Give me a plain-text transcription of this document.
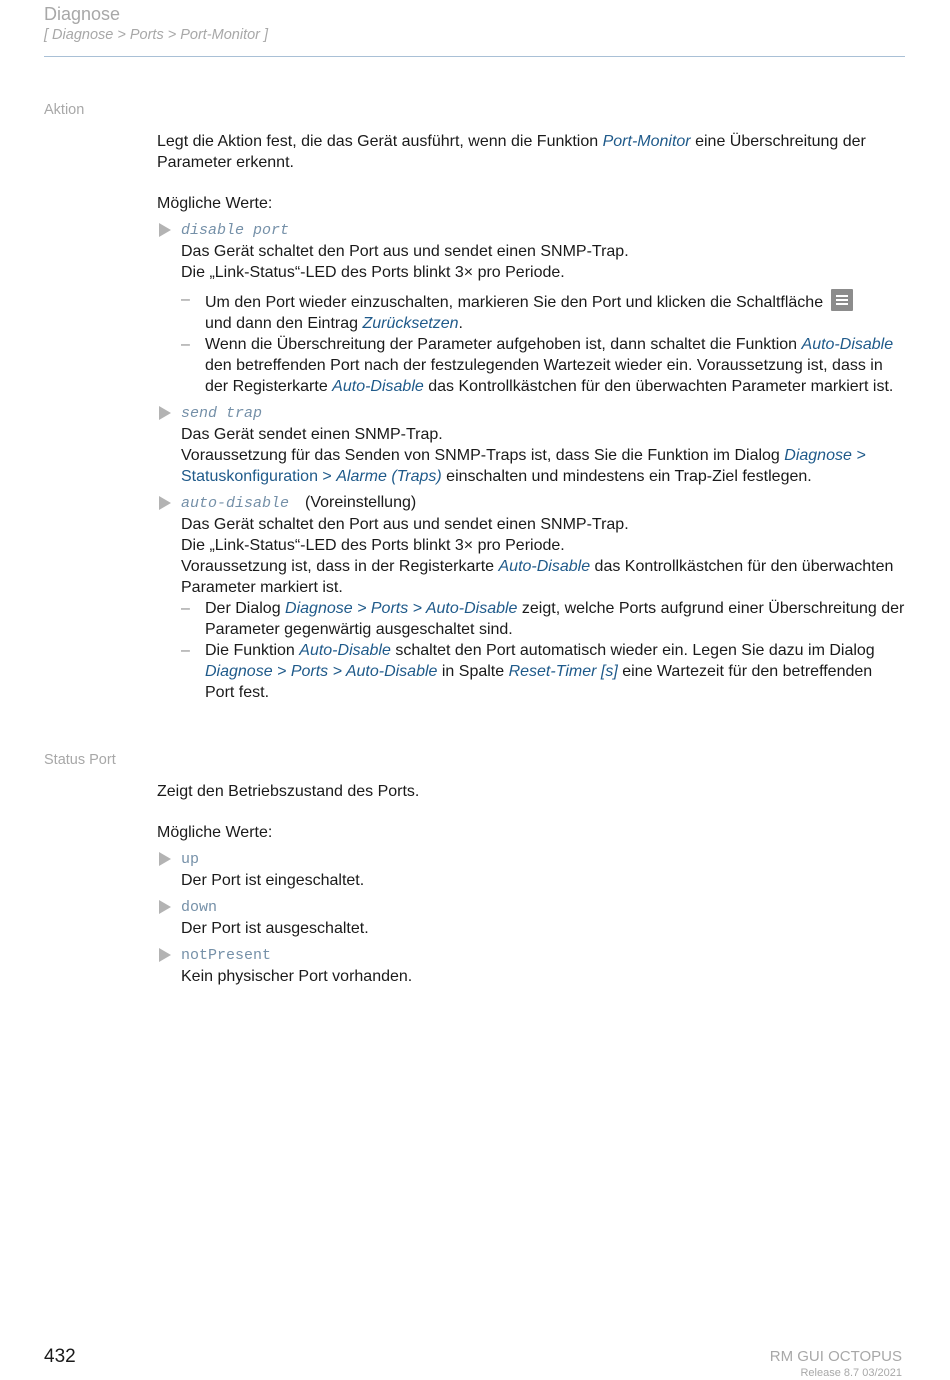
Diagnose
[ Diagnose > Ports > Port-Monitor ]
Aktion

Legt die Aktion fest, die das Gerät ausführt, wenn die Funktion Port-Monitor eine Überschreitung der Parameter erkennt.

Mögliche Werte:

disable port
Das Gerät schaltet den Port aus und sendet einen SNMP-Trap.
Die „Link-Status“-LED des Ports blinkt 3× pro Periode.
– Um den Port wieder einzuschalten, markieren Sie den Port und klicken die Schaltfläche

und dann den Eintrag Zurücksetzen.
– Wenn die Überschreitung der Parameter aufgehoben ist, dann schaltet die Funktion Auto-Disable den betreffenden Port nach der festzulegenden Wartezeit wieder ein. Voraussetzung ist, dass in der Registerkarte Auto-Disable das Kontrollkästchen für den überwachten Parameter markiert ist.
send trap
Das Gerät sendet einen SNMP-Trap.
Voraussetzung für das Senden von SNMP-Traps ist, dass Sie die Funktion im Dialog Diagnose > Statuskonfiguration > Alarme (Traps) einschalten und mindestens ein Trap-Ziel festlegen.
auto-disable (Voreinstellung)
Das Gerät schaltet den Port aus und sendet einen SNMP-Trap.
Die „Link-Status“-LED des Ports blinkt 3× pro Periode.
Voraussetzung ist, dass in der Registerkarte Auto-Disable das Kontrollkästchen für den überwachten Parameter markiert ist.
– Der Dialog Diagnose > Ports > Auto-Disable zeigt, welche Ports aufgrund einer Überschreitung der Parameter gegenwärtig ausgeschaltet sind.
– Die Funktion Auto-Disable schaltet den Port automatisch wieder ein. Legen Sie dazu im Dialog Diagnose > Ports > Auto-Disable in Spalte Reset-Timer [s] eine Wartezeit für den betreffenden Port fest.
Status Port

Zeigt den Betriebszustand des Ports.

Mögliche Werte:

up
Der Port ist eingeschaltet.
down
Der Port ist ausgeschaltet.
notPresent
Kein physischer Port vorhanden.
432	RM GUI OCTOPUS
Release 8.7 03/2021
